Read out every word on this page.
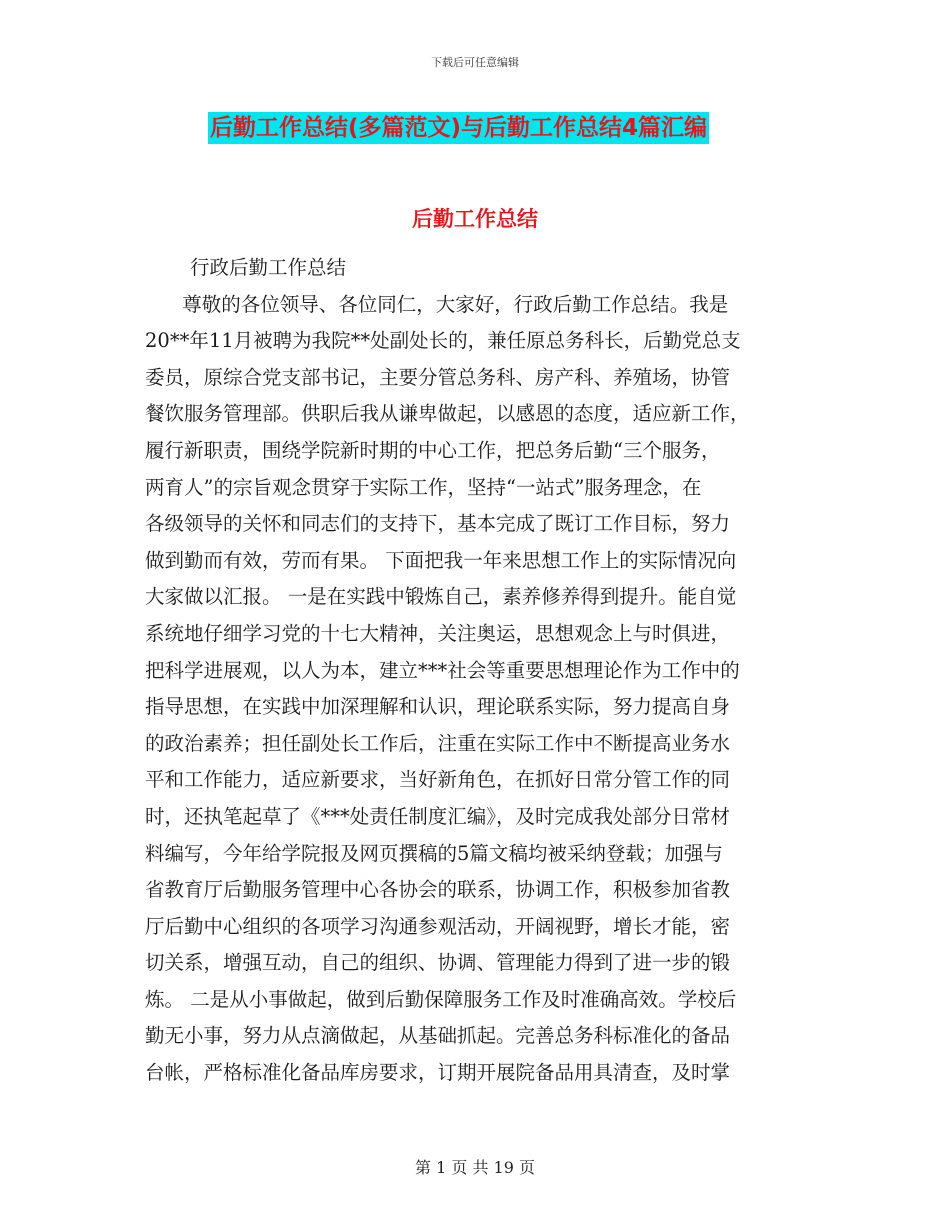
下载后可任意编辑
后勤工作总结(多篇范文)与后勤工作总结4篇汇编
后勤工作总结
行政后勤工作总结
尊敬的各位领导、各位同仁，大家好，行政后勤工作总结。我是
20**年11月被聘为我院**处副处长的，兼任原总务科长，后勤党总支
委员，原综合党支部书记，主要分管总务科、房产科、养殖场，协管
餐饮服务管理部。供职后我从谦卑做起，以感恩的态度，适应新工作，
履行新职责，围绕学院新时期的中心工作，把总务后勤“三个服务，
两育人”的宗旨观念贯穿于实际工作，坚持“一站式”服务理念，在
各级领导的关怀和同志们的支持下，基本完成了既订工作目标，努力
做到勤而有效，劳而有果。 下面把我一年来思想工作上的实际情况向
大家做以汇报。 一是在实践中锻炼自己，素养修养得到提升。能自觉
系统地仔细学习党的十七大精神，关注奥运，思想观念上与时俱进，
把科学进展观，以人为本，建立***社会等重要思想理论作为工作中的
指导思想，在实践中加深理解和认识，理论联系实际，努力提高自身
的政治素养；担任副处长工作后，注重在实际工作中不断提高业务水
平和工作能力，适应新要求，当好新角色，在抓好日常分管工作的同
时，还执笔起草了《***处责任制度汇编》，及时完成我处部分日常材
料编写，今年给学院报及网页撰稿的5篇文稿均被采纳登载；加强与
省教育厅后勤服务管理中心各协会的联系，协调工作，积极参加省教
厅后勤中心组织的各项学习沟通参观活动，开阔视野，增长才能，密
切关系，增强互动，自己的组织、协调、管理能力得到了进一步的锻
炼。 二是从小事做起，做到后勤保障服务工作及时准确高效。学校后
勤无小事，努力从点滴做起，从基础抓起。完善总务科标准化的备品
台帐，严格标准化备品库房要求，订期开展院备品用具清查，及时掌
第 1 页 共 19 页
